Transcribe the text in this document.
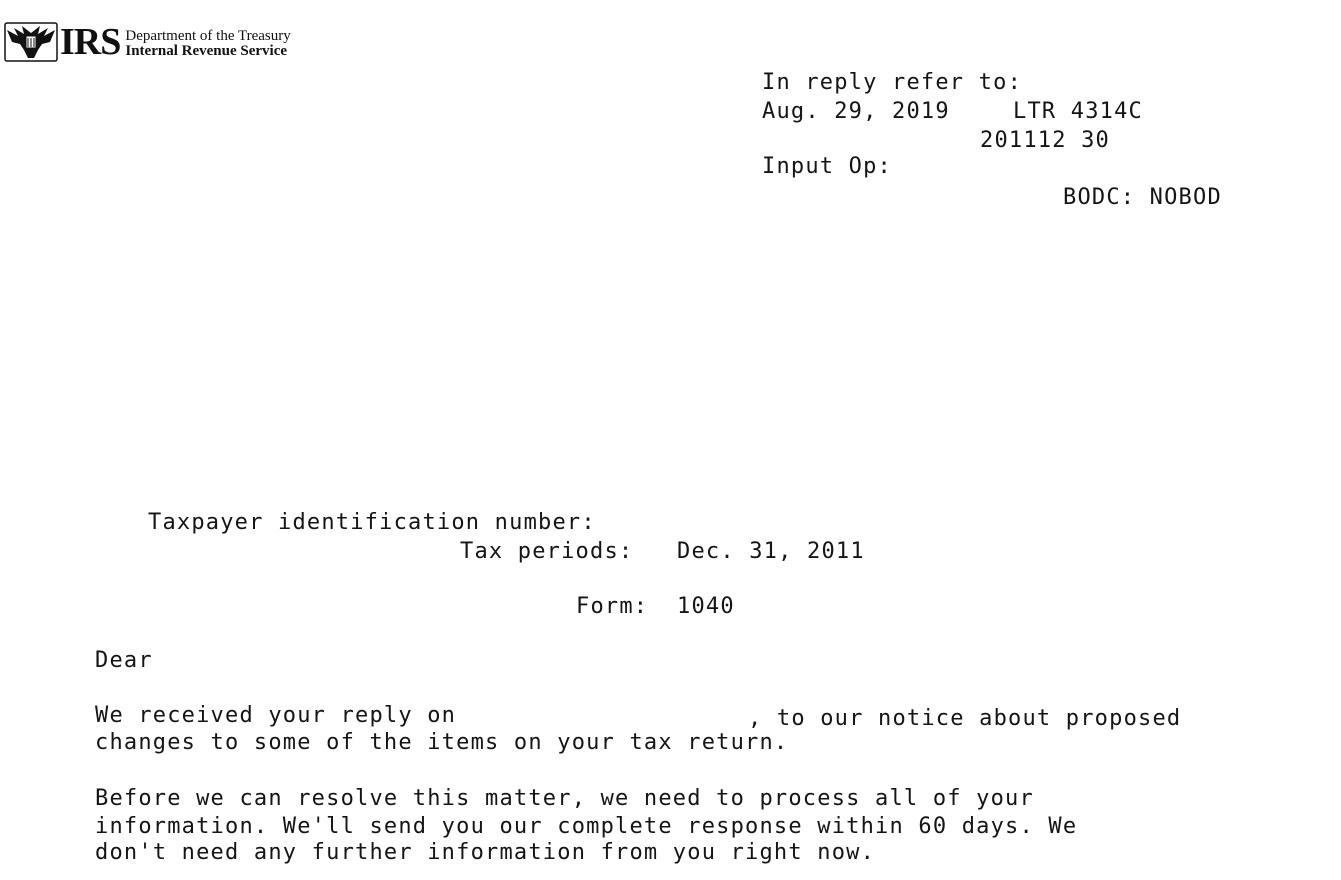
IRS Department of the Treasury
Internal Revenue Service
In reply refer to:
Aug. 29, 2019	LTR 4314C
201112 30
Input Op:
BODC: NOBOD
Taxpayer identification number:
Tax periods: Dec. 31, 2011
Form: 1040
Dear
We received your reply on	, to our notice about proposed
changes to some of the items on your tax return.
Before we can resolve this matter, we need to process all of your
information. We'll send you our complete response within 60 days. We
don't need any further information from you right now.
